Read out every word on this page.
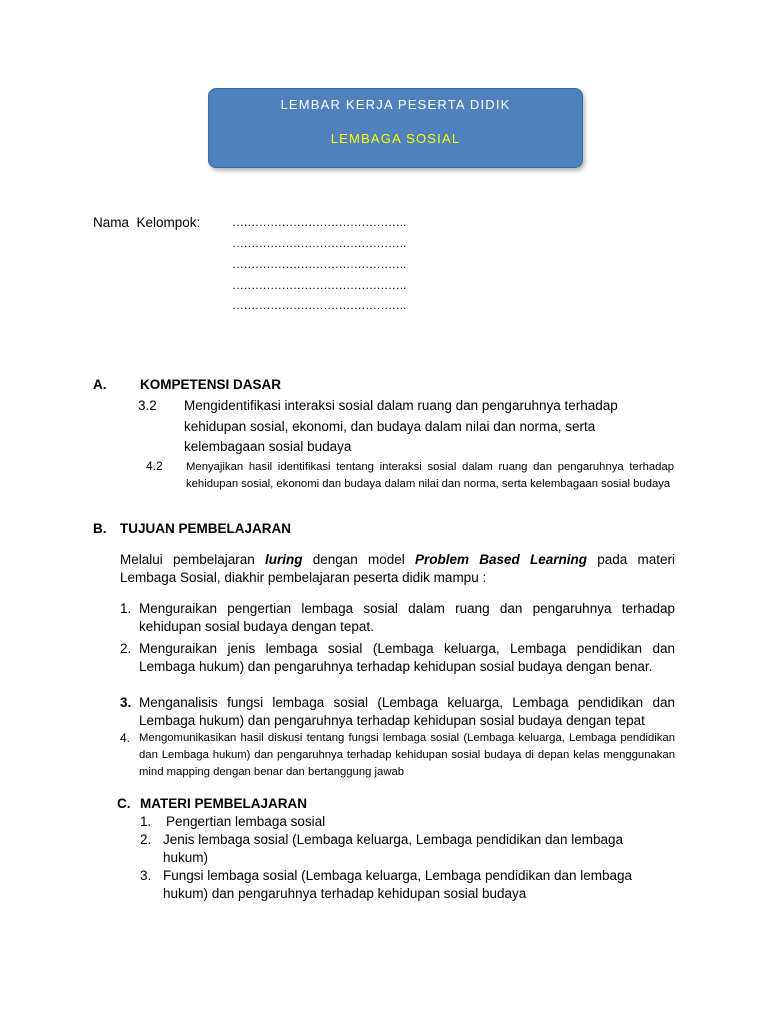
LEMBAR KERJA PESERTA DIDIK
LEMBAGA SOSIAL
Nama  Kelompok:	……………………………………….
……………………………………….
……………………………………….
……………………………………….
……………………………………….
A. KOMPETENSI DASAR
3.2 Mengidentifikasi interaksi sosial dalam ruang dan pengaruhnya terhadap
kehidupan sosial, ekonomi, dan budaya dalam nilai dan norma, serta
kelembagaan sosial budaya
4.2 Menyajikan hasil identifikasi tentang interaksi sosial dalam ruang dan pengaruhnya terhadap kehidupan sosial, ekonomi dan budaya dalam nilai dan norma, serta kelembagaan sosial budaya
B. TUJUAN PEMBELAJARAN
Melalui pembelajaran luring dengan model Problem Based Learning pada materi Lembaga Sosial, diakhir pembelajaran peserta didik mampu :
1. Menguraikan pengertian lembaga sosial dalam ruang dan pengaruhnya terhadap kehidupan sosial budaya dengan tepat.
2. Menguraikan jenis lembaga sosial (Lembaga keluarga, Lembaga pendidikan dan Lembaga hukum) dan pengaruhnya terhadap kehidupan sosial budaya dengan benar.
3. Menganalisis fungsi lembaga sosial (Lembaga keluarga, Lembaga pendidikan dan Lembaga hukum) dan pengaruhnya terhadap kehidupan sosial budaya dengan tepat
4. Mengomunikasikan hasil diskusi tentang fungsi lembaga sosial (Lembaga keluarga, Lembaga pendidikan dan Lembaga hukum) dan pengaruhnya terhadap kehidupan sosial budaya di depan kelas menggunakan mind mapping dengan benar dan bertanggung jawab
C. MATERI PEMBELAJARAN
1. Pengertian lembaga sosial
2. Jenis lembaga sosial (Lembaga keluarga, Lembaga pendidikan dan lembaga
hukum)
3. Fungsi lembaga sosial (Lembaga keluarga, Lembaga pendidikan dan lembaga
hukum) dan pengaruhnya terhadap kehidupan sosial budaya
